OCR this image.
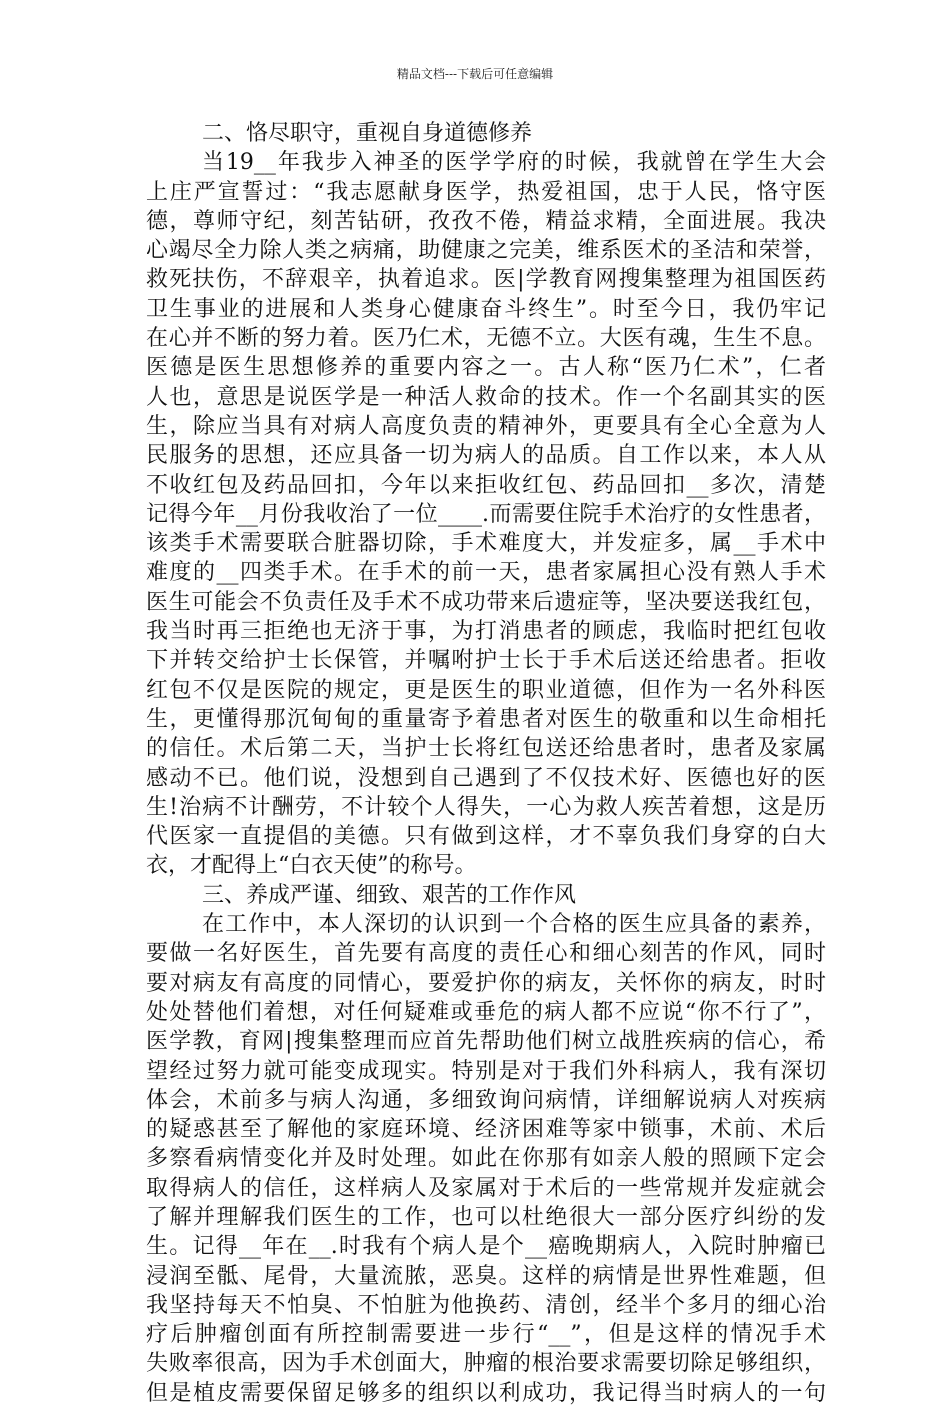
精品文档---下载后可任意编辑
二、恪尽职守，重视自身道德修养
当19__年我步入神圣的医学学府的时候，我就曾在学生大会
上庄严宣誓过：“我志愿献身医学，热爱祖国，忠于人民，恪守医
德，尊师守纪，刻苦钻研，孜孜不倦，精益求精，全面进展。我决
心竭尽全力除人类之病痛，助健康之完美，维系医术的圣洁和荣誉，
救死扶伤，不辞艰辛，执着追求。医|学教育网搜集整理为祖国医药
卫生事业的进展和人类身心健康奋斗终生”。时至今日，我仍牢记
在心并不断的努力着。医乃仁术，无德不立。大医有魂，生生不息。
医德是医生思想修养的重要内容之一。古人称“医乃仁术”，仁者
人也，意思是说医学是一种活人救命的技术。作一个名副其实的医
生，除应当具有对病人高度负责的精神外，更要具有全心全意为人
民服务的思想，还应具备一切为病人的品质。自工作以来，本人从
不收红包及药品回扣，今年以来拒收红包、药品回扣__多次，清楚
记得今年__月份我收治了一位____.而需要住院手术治疗的女性患者，
该类手术需要联合脏器切除，手术难度大，并发症多，属__手术中
难度的__四类手术。在手术的前一天，患者家属担心没有熟人手术
医生可能会不负责任及手术不成功带来后遗症等，坚决要送我红包，
我当时再三拒绝也无济于事，为打消患者的顾虑，我临时把红包收
下并转交给护士长保管，并嘱咐护士长于手术后送还给患者。拒收
红包不仅是医院的规定，更是医生的职业道德，但作为一名外科医
生，更懂得那沉甸甸的重量寄予着患者对医生的敬重和以生命相托
的信任。术后第二天，当护士长将红包送还给患者时，患者及家属
感动不已。他们说，没想到自己遇到了不仅技术好、医德也好的医
生!治病不计酬劳，不计较个人得失，一心为救人疾苦着想，这是历
代医家一直提倡的美德。只有做到这样，才不辜负我们身穿的白大
衣，才配得上“白衣天使”的称号。
三、养成严谨、细致、艰苦的工作作风
在工作中，本人深切的认识到一个合格的医生应具备的素养，
要做一名好医生，首先要有高度的责任心和细心刻苦的作风，同时
要对病友有高度的同情心，要爱护你的病友，关怀你的病友，时时
处处替他们着想，对任何疑难或垂危的病人都不应说“你不行了”，
医学教，育网|搜集整理而应首先帮助他们树立战胜疾病的信心，希
望经过努力就可能变成现实。特别是对于我们外科病人，我有深切
体会，术前多与病人沟通，多细致询问病情，详细解说病人对疾病
的疑惑甚至了解他的家庭环境、经济困难等家中锁事，术前、术后
多察看病情变化并及时处理。如此在你那有如亲人般的照顾下定会
取得病人的信任，这样病人及家属对于术后的一些常规并发症就会
了解并理解我们医生的工作，也可以杜绝很大一部分医疗纠纷的发
生。记得__年在__.时我有个病人是个__癌晚期病人，入院时肿瘤已
浸润至骶、尾骨，大量流脓，恶臭。这样的病情是世界性难题，但
我坚持每天不怕臭、不怕脏为他换药、清创，经半个多月的细心治
疗后肿瘤创面有所控制需要进一步行“__”，但是这样的情况手术
失败率很高，因为手术创面大，肿瘤的根治要求需要切除足够组织，
但是植皮需要保留足够多的组织以利成功，我记得当时病人的一句
